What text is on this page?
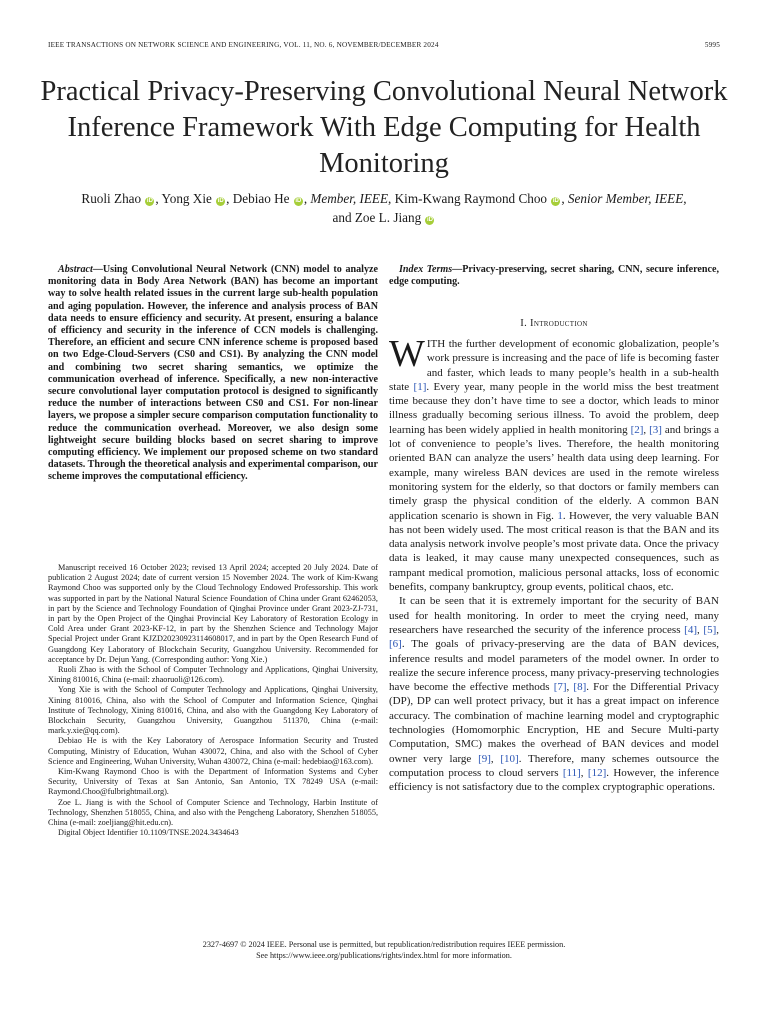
IEEE TRANSACTIONS ON NETWORK SCIENCE AND ENGINEERING, VOL. 11, NO. 6, NOVEMBER/DECEMBER 2024	5995
Practical Privacy-Preserving Convolutional Neural Network Inference Framework With Edge Computing for Health Monitoring
Ruoli Zhao iD , Yong Xie iD , Debiao He iD , Member, IEEE, Kim-Kwang Raymond Choo iD , Senior Member, IEEE,
and Zoe L. Jiang iD
Abstract—Using Convolutional Neural Network (CNN) model to analyze monitoring data in Body Area Network (BAN) has become an important way to solve health related issues in the current large sub-health population and aging population. However, the inference and analysis process of BAN data needs to ensure efficiency and security. At present, ensuring a balance of efficiency and security in the inference of CCN models is challenging. Therefore, an efficient and secure CNN inference scheme is proposed based on two Edge-Cloud-Servers (CS0 and CS1). By analyzing the CNN model and combining two secret sharing semantics, we optimize the communication overhead of inference. Specifically, a new non-interactive secure convolutional layer computation protocol is designed to significantly reduce the number of interactions between CS0 and CS1. For non-linear layers, we propose a simpler secure comparison computation functionality to reduce the communication overhead. Moreover, we also design some lightweight secure building blocks based on secret sharing to improve computing efficiency. We implement our proposed scheme on two standard datasets. Through the theoretical analysis and experimental comparison, our scheme improves the computational efficiency.
Index Terms—Privacy-preserving, secret sharing, CNN, secure inference, edge computing.

Manuscript received 16 October 2023; revised 13 April 2024; accepted 20 July 2024. Date of publication 2 August 2024; date of current version 15 November 2024. The work of Kim-Kwang Raymond Choo was supported only by the Cloud Technology Endowed Professorship. This work was supported in part by the National Natural Science Foundation of China under Grant 62462053, in part by the Science and Technology Foundation of Qinghai Province under Grant 2023-ZJ-731, in part by the Open Project of the Qinghai Provincial Key Laboratory of Restoration Ecology in Cold Area under Grant 2023-KF-12, in part by the Shenzhen Science and Technology Major Special Project under Grant KJZD20230923114608017, and in part by the Open Research Fund of Guangdong Key Laboratory of Blockchain Security, Guangzhou University. Recommended for acceptance by Dr. Dejun Yang. (Corresponding author: Yong Xie.)

Ruoli Zhao is with the School of Computer Technology and Applications, Qinghai University, Xining 810016, China (e-mail: zhaoruoli@126.com).

Yong Xie is with the School of Computer Technology and Applications, Qinghai University, Xining 810016, China, also with the School of Computer and Information Science, Qinghai Institute of Technology, Xining 810016, China, and also with the Guangdong Key Laboratory of Blockchain Security, Guangzhou University, Guangzhou 511370, China (e-mail: mark.y.xie@qq.com).

Debiao He is with the Key Laboratory of Aerospace Information Security and Trusted Computing, Ministry of Education, Wuhan 430072, China, and also with the School of Cyber Science and Engineering, Wuhan University, Wuhan 430072, China (e-mail: hedebiao@163.com).

Kim-Kwang Raymond Choo is with the Department of Information Systems and Cyber Security, University of Texas at San Antonio, San Antonio, TX 78249 USA (e-mail: Raymond.Choo@fulbrightmail.org).

Zoe L. Jiang is with the School of Computer Science and Technology, Harbin Institute of Technology, Shenzhen 518055, China, and also with the Pengcheng Laboratory, Shenzhen 518055, China (e-mail: zoeljiang@hit.edu.cn).

Digital Object Identifier 10.1109/TNSE.2024.3434643

I. Introduction

WITH the further development of economic globalization, people’s work pressure is increasing and the pace of life is becoming faster and faster, which leads to many people’s health in a sub-health state [1]. Every year, many people in the world miss the best treatment time because they don’t have time to see a doctor, which leads to minor illness gradually becoming serious illness. To avoid the problem, deep learning has been widely applied in health monitoring [2], [3] and brings a lot of convenience to people’s lives. Therefore, the health monitoring oriented BAN can analyze the users’ health data using deep learning. For example, many wireless BAN devices are used in the remote wireless monitoring system for the elderly, so that doctors or family members can timely grasp the physical condition of the elderly. A common BAN application scenario is shown in Fig. 1. However, the very valuable BAN has not been widely used. The most critical reason is that the BAN and its data analysis network involve people’s most private data. Once the privacy data is leaked, it may cause many unexpected consequences, such as rampant medical promotion, malicious personal attacks, loss of economic benefits, company bankruptcy, group events, political chaos, etc.

It can be seen that it is extremely important for the security of BAN used for health monitoring. In order to meet the crying need, many researchers have researched the security of the inference process [4], [5], [6]. The goals of privacy-preserving are the data of BAN devices, inference results and model parameters of the model owner. In order to realize the secure inference process, many privacy-preserving technologies have become the effective methods [7], [8]. For the Differential Privacy (DP), DP can well protect privacy, but it has a great impact on inference accuracy. The combination of machine learning model and cryptographic technologies (Homomorphic Encryption, HE and Secure Multi-party Computation, SMC) makes the overhead of BAN devices and model owner very large [9], [10]. Therefore, many schemes outsource the computation process to cloud servers [11], [12]. However, the inference efficiency is not satisfactory due to the complex cryptographic operations.

2327-4697 © 2024 IEEE. Personal use is permitted, but republication/redistribution requires IEEE permission.
See https://www.ieee.org/publications/rights/index.html for more information.
